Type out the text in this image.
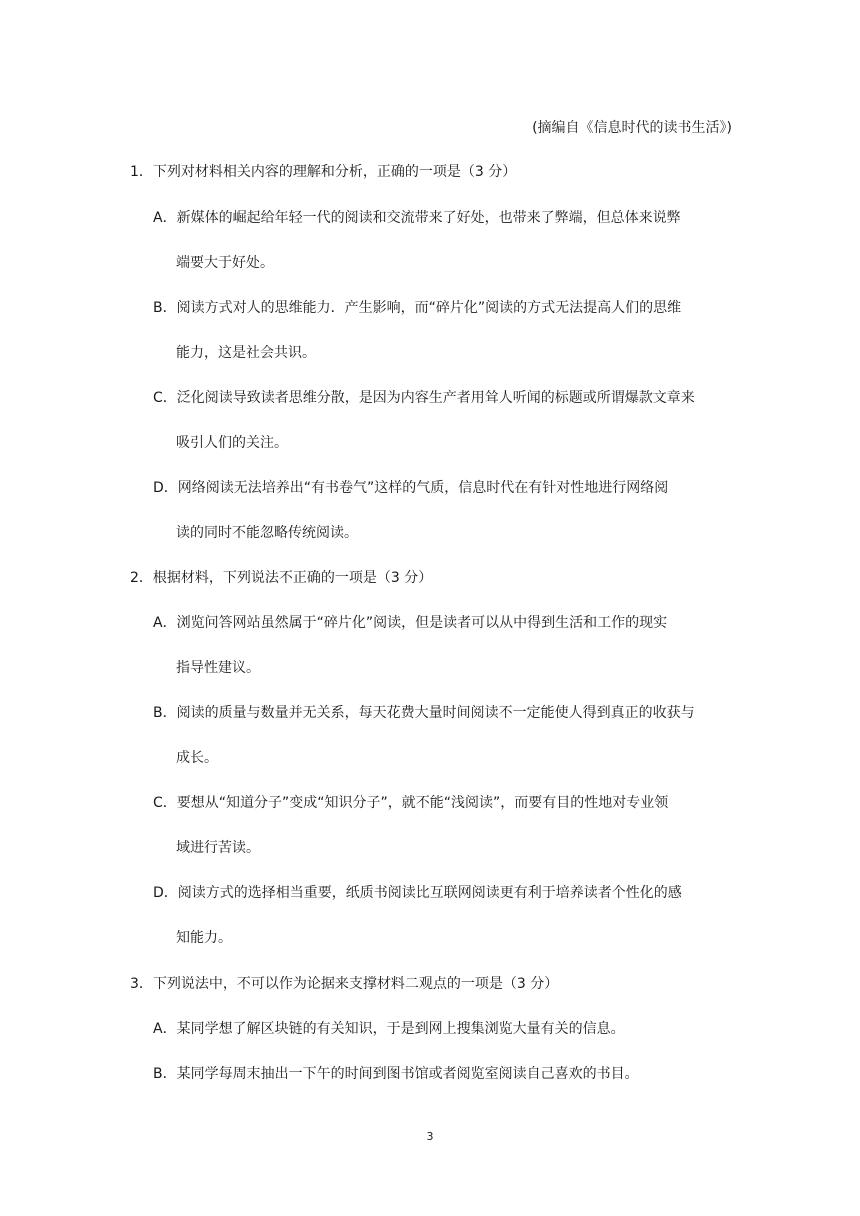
(摘编自《信息时代的读书生活》)
1．下列对材料相关内容的理解和分析，正确的一项是（3 分）
A．新媒体的崛起给年轻一代的阅读和交流带来了好处，也带来了弊端，但总体来说弊
端要大于好处。
B．阅读方式对人的思维能力．产生影响，而“碎片化”阅读的方式无法提高人们的思维
能力，这是社会共识。
C．泛化阅读导致读者思维分散，是因为内容生产者用耸人听闻的标题或所谓爆款文章来
吸引人们的关注。
D．网络阅读无法培养出“有书卷气”这样的气质，信息时代在有针对性地进行网络阅
读的同时不能忽略传统阅读。
2．根据材料，下列说法不正确的一项是（3 分）
A．浏览问答网站虽然属于“碎片化”阅读，但是读者可以从中得到生活和工作的现实
指导性建议。
B．阅读的质量与数量并无关系，每天花费大量时间阅读不一定能使人得到真正的收获与
成长。
C．要想从“知道分子”变成“知识分子”，就不能“浅阅读”，而要有目的性地对专业领
域进行苦读。
D．阅读方式的选择相当重要，纸质书阅读比互联网阅读更有利于培养读者个性化的感
知能力。
3．下列说法中，不可以作为论据来支撑材料二观点的一项是（3 分）
A．某同学想了解区块链的有关知识，于是到网上搜集浏览大量有关的信息。
B．某同学每周末抽出一下午的时间到图书馆或者阅览室阅读自己喜欢的书目。
3
